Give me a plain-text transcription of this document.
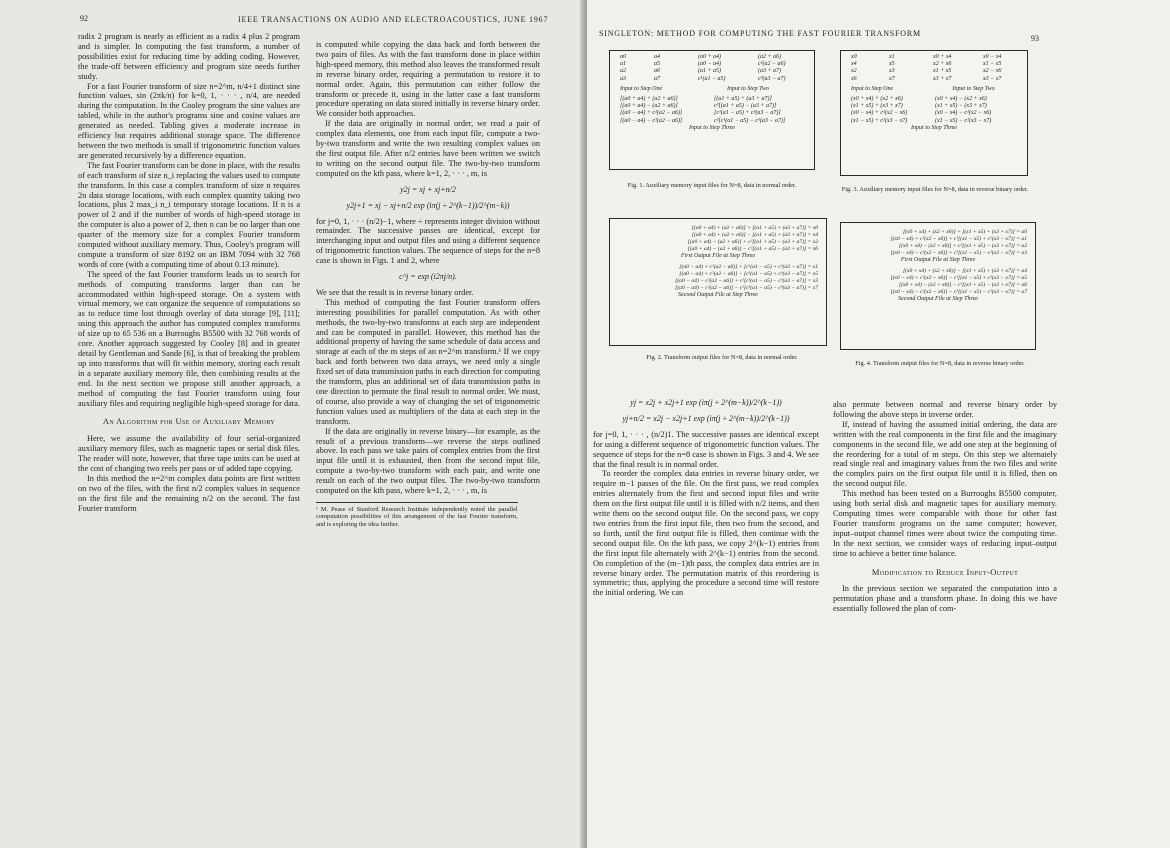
92	IEEE TRANSACTIONS ON AUDIO AND ELECTROACOUSTICS, JUNE 1967

radix 2 program is nearly as efficient as a radix 4 plus 2 program and is simpler. In computing the fast transform, a number of possibilities exist for reducing time by adding coding. However, the trade-off between efficiency and program size needs further study.

For a fast Fourier transform of size n=2^m, n/4+1 distinct sine function values, sin (2πk/n) for k=0, 1, · · · , n/4, are needed during the computation. In the Cooley program the sine values are tabled, while in the author's programs sine and cosine values are generated as needed. Tabling gives a moderate increase in efficiency but requires additional storage space. The difference between the two methods is small if trigonometric function values are generated recursively by a difference equation.

The fast Fourier transform can be done in place, with the results of each transform of size n_i replacing the values used to compute the transform. In this case a complex transform of size n requires 2n data storage locations, with each complex quantity taking two locations, plus 2 max_i n_i temporary storage locations. If n is a power of 2 and if the number of words of high-speed storage in the computer is also a power of 2, then n can be no larger than one quarter of the memory size for a complex Fourier transform computed without auxiliary memory. Thus, Cooley's program will compute a transform of size 8192 on an IBM 7094 with 32 768 words of core (with a computing time of about 0.13 minute).

The speed of the fast Fourier transform leads us to search for methods of computing transforms larger than can be accommodated within high-speed storage. On a system with virtual memory, we can organize the sequence of computations so as to reduce time lost through overlay of data storage [9], [11]; using this approach the author has computed complex transforms of size up to 65 536 on a Burroughs B5500 with 32 768 words of core. Another approach suggested by Cooley [8] and in greater detail by Gentleman and Sande [6], is that of breaking the problem up into transforms that will fit within memory, storing each result in a separate auxiliary memory file, then combining results at the end. In the next section we propose still another approach, a method of computing the fast Fourier transform using four auxiliary files and requiring negligible high-speed storage for data.

An Algorithm for Use of Auxiliary Memory

Here, we assume the availability of four serial-organized auxiliary memory files, such as magnetic tapes or serial disk files. The reader will note, however, that three tape units can be used at the cost of changing two reels per pass or of added tape copying.

In this method the n=2^m complex data points are first written on two of the files, with the first n/2 complex values in sequence on the first file and the remaining n/2 on the second. The fast Fourier transform

is computed while copying the data back and forth between the two pairs of files. As with the fast transform done in place within high-speed memory, this method also leaves the transformed result in reverse binary order, requiring a permutation to restore it to normal order. Again, this permutation can either follow the transform or precede it, using in the latter case a fast transform procedure operating on data stored initially in reverse binary order. We consider both approaches.

If the data are originally in normal order, we read a pair of complex data elements, one from each input file, compute a two-by-two transform and write the two resulting complex values on the first output file. After n/2 entries have been written we switch to writing on the second output file. The two-by-two transform computed on the kth pass, where k=1, 2, · · · , m, is

y2j = xj + xj+n/2
y2j+1 = xj − xj+n/2 exp (iπ(j ÷ 2^(k−1))/2^(m−k))

for j=0, 1, · · · (n/2)−1, where ÷ represents integer division without remainder. The successive passes are identical, except for interchanging input and output files and using a different sequence of trigonometric function values. The sequence of steps for the n=8 case is shown in Figs. 1 and 2, where

c^j = exp (i2πj/n).

We see that the result is in reverse binary order.

This method of computing the fast Fourier transform offers interesting possibilities for parallel computation. As with other methods, the two-by-two transforms at each step are independent and can be computed in parallel. However, this method has the additional property of having the same schedule of data access and storage at each of the m steps of an n=2^m transform.¹ If we copy back and forth between two data arrays, we need only a single fixed set of data transmission paths in each direction for computing the transform, plus an additional set of data transmission paths in one direction to permute the final result to normal order. We must, of course, also provide a way of changing the set of trigonometric function values used as multipliers of the data at each step in the transform.

If the data are originally in reverse binary—for example, as the result of a previous transform—we reverse the steps outlined above. In each pass we take pairs of complex entries from the first input file until it is exhausted, then from the second input file, compute a two-by-two transform with each pair, and write one result on each of the two output files. The two-by-two transform computed on the kth pass, where k=1, 2, · · · , m, is

¹ M. Pease of Stanford Research Institute independently noted the parallel computation possibilities of this arrangement of the fast Fourier transform, and is exploring the idea further.
SINGLETON: METHOD FOR COMPUTING THE FAST FOURIER TRANSFORM
93
a0	a4	(a0 + a4)	(a2 + a6)
a1	a5	(a0 − a4)	c²(a2 − a6)
a2	a6	(a1 + a5)	(a3 + a7)
a3	a7	c¹(a1 − a5)	c³(a3 − a7)
Input to Step One	Input to Step Two
[(a0 + a4) + (a2 + a6)]	[(a1 + a5) + (a3 + a7)]
[(a0 + a4) − (a2 + a6)]	c²[(a1 + a5) − (a3 + a7)]
[(a0 − a4) + c²(a2 − a6)]	[c¹(a1 − a5) + c³(a3 − a7)]
[(a0 − a4) − c²(a2 − a6)]	c²[c¹(a1 − a5) − c³(a3 − a7)]
Input to Step Three
Fig. 1. Auxiliary memory input files for N=8, data in normal order.
x0	x1	x0 + x4	x0 − x4
x4	x5	x2 + x6	x1 − x5
x2	x3	x1 + x5	x2 − x6
x6	x7	x3 + x7	x3 − x7
Input to Step One	Input to Step Two
(x0 + x4) + (x2 + x6)	(x0 + x4) − (x2 + x6)
(x1 + x5) + (x3 + x7)	(x1 + x5) − (x3 + x7)
(x0 − x4) + c²(x2 − x6)	(x0 − x4) − c²(x2 − x6)
(x1 − x5) + c²(x3 − x7)	(x1 − x5) − c²(x3 − x7)
Input to Step Three
Fig. 3. Auxiliary memory input files for N=8, data in reverse binary order.
[(a0 + a4) + (a2 + a6)] + [(a1 + a5) + (a3 + a7)] = x0
[(a0 + a4) + (a2 + a6)] − [(a1 + a5) + (a3 + a7)] = x4
[(a0 + a4) − (a2 + a6)] + c²[(a1 + a5) − (a3 + a7)] = x2
[(a0 + a4) − (a2 + a6)] − c²[(a1 + a5) − (a3 + a7)] = x6
First Output File at Step Three
[(a0 − a4) + c²(a2 − a6)] + [c¹(a1 − a5) + c³(a3 − a7)] = x1
[(a0 − a4) + c²(a2 − a6)] − [c¹(a1 − a5) + c³(a3 − a7)] = x5
[(a0 − a4) − c²(a2 − a6)] + c²[c¹(a1 − a5) − c³(a3 − a7)] = x3
[(a0 − a4) − c²(a2 − a6)] − c²[c¹(a1 − a5) − c³(a3 − a7)] = x7
Second Output File at Step Three
Fig. 2. Transform output files for N=8, data in normal order.
[(x0 + x4) + (x2 + x6)] + [(x1 + x5) + (x3 + x7)] = a0
[(x0 − x4) + c²(x2 − x6)] + c¹[(x1 − x5) + c²(x3 − x7)] = a1
[(x0 + x4) − (x2 + x6)] + c²[(x1 + x5) − (x3 + x7)] = a2
[(x0 − x4) − c²(x2 − x6)] + c³[(x1 − x5) − c²(x3 − x7)] = a3
First Output File at Step Three
[(x0 + x4) + (x2 + x6)] − [(x1 + x5) + (x3 + x7)] = a4
[(x0 − x4) + c²(x2 − x6)] − c¹[(x1 − x5) + c²(x3 − x7)] = a5
[(x0 + x4) − (x2 + x6)] − c²[(x1 + x5) − (x3 + x7)] = a6
[(x0 − x4) − c²(x2 − x6)] − c³[(x1 − x5) − c²(x3 − x7)] = a7
Second Output File at Step Three
Fig. 4. Transform output files for N=8, data in reverse binary order.
yj = x2j + x2j+1 exp (iπ(j ÷ 2^(m−k))/2^(k−1))
yj+n/2 = x2j − x2j+1 exp (iπ(j ÷ 2^(m−k))/2^(k−1))

for j=0, 1, · · · , (n/2)1. The successive passes are identical except for using a different sequence of trigonometric function values. The sequence of steps for the n=8 case is shown in Figs. 3 and 4. We see that the final result is in normal order.

To reorder the complex data entries in reverse binary order, we require m−1 passes of the file. On the first pass, we read complex entries alternately from the first and second input files and write them on the first output file until it is filled with n/2 items, and then write them on the second output file. On the second pass, we copy two entries from the first input file, then two from the second, and so forth, until the first output file is filled, then continue with the second output file. On the kth pass, we copy 2^(k−1) entries from the first input file alternately with 2^(k−1) entries from the second. On completion of the (m−1)th pass, the complex data entries are in reverse binary order. The permutation matrix of this reordering is symmetric; thus, applying the procedure a second time will restore the initial ordering. We can

also permute between normal and reverse binary order by following the above steps in inverse order.

If, instead of having the assumed initial ordering, the data are written with the real components in the first file and the imaginary components in the second file, we add one step at the beginning of the reordering for a total of m steps. On this step we alternately read single real and imaginary values from the two files and write the complex pairs on the first output file until it is filled, then on the second output file.

This method has been tested on a Burroughs B5500 computer, using both serial disk and magnetic tapes for auxiliary memory. Computing times were comparable with those for other fast Fourier transform programs on the same computer; however, input–output channel times were about twice the computing time. In the next section, we consider ways of reducing input–output time to achieve a better time balance.

Modification to Reduce Input-Output

In the previous section we separated the computation into a permutation phase and a transform phase. In doing this we have essentially followed the plan of com-
